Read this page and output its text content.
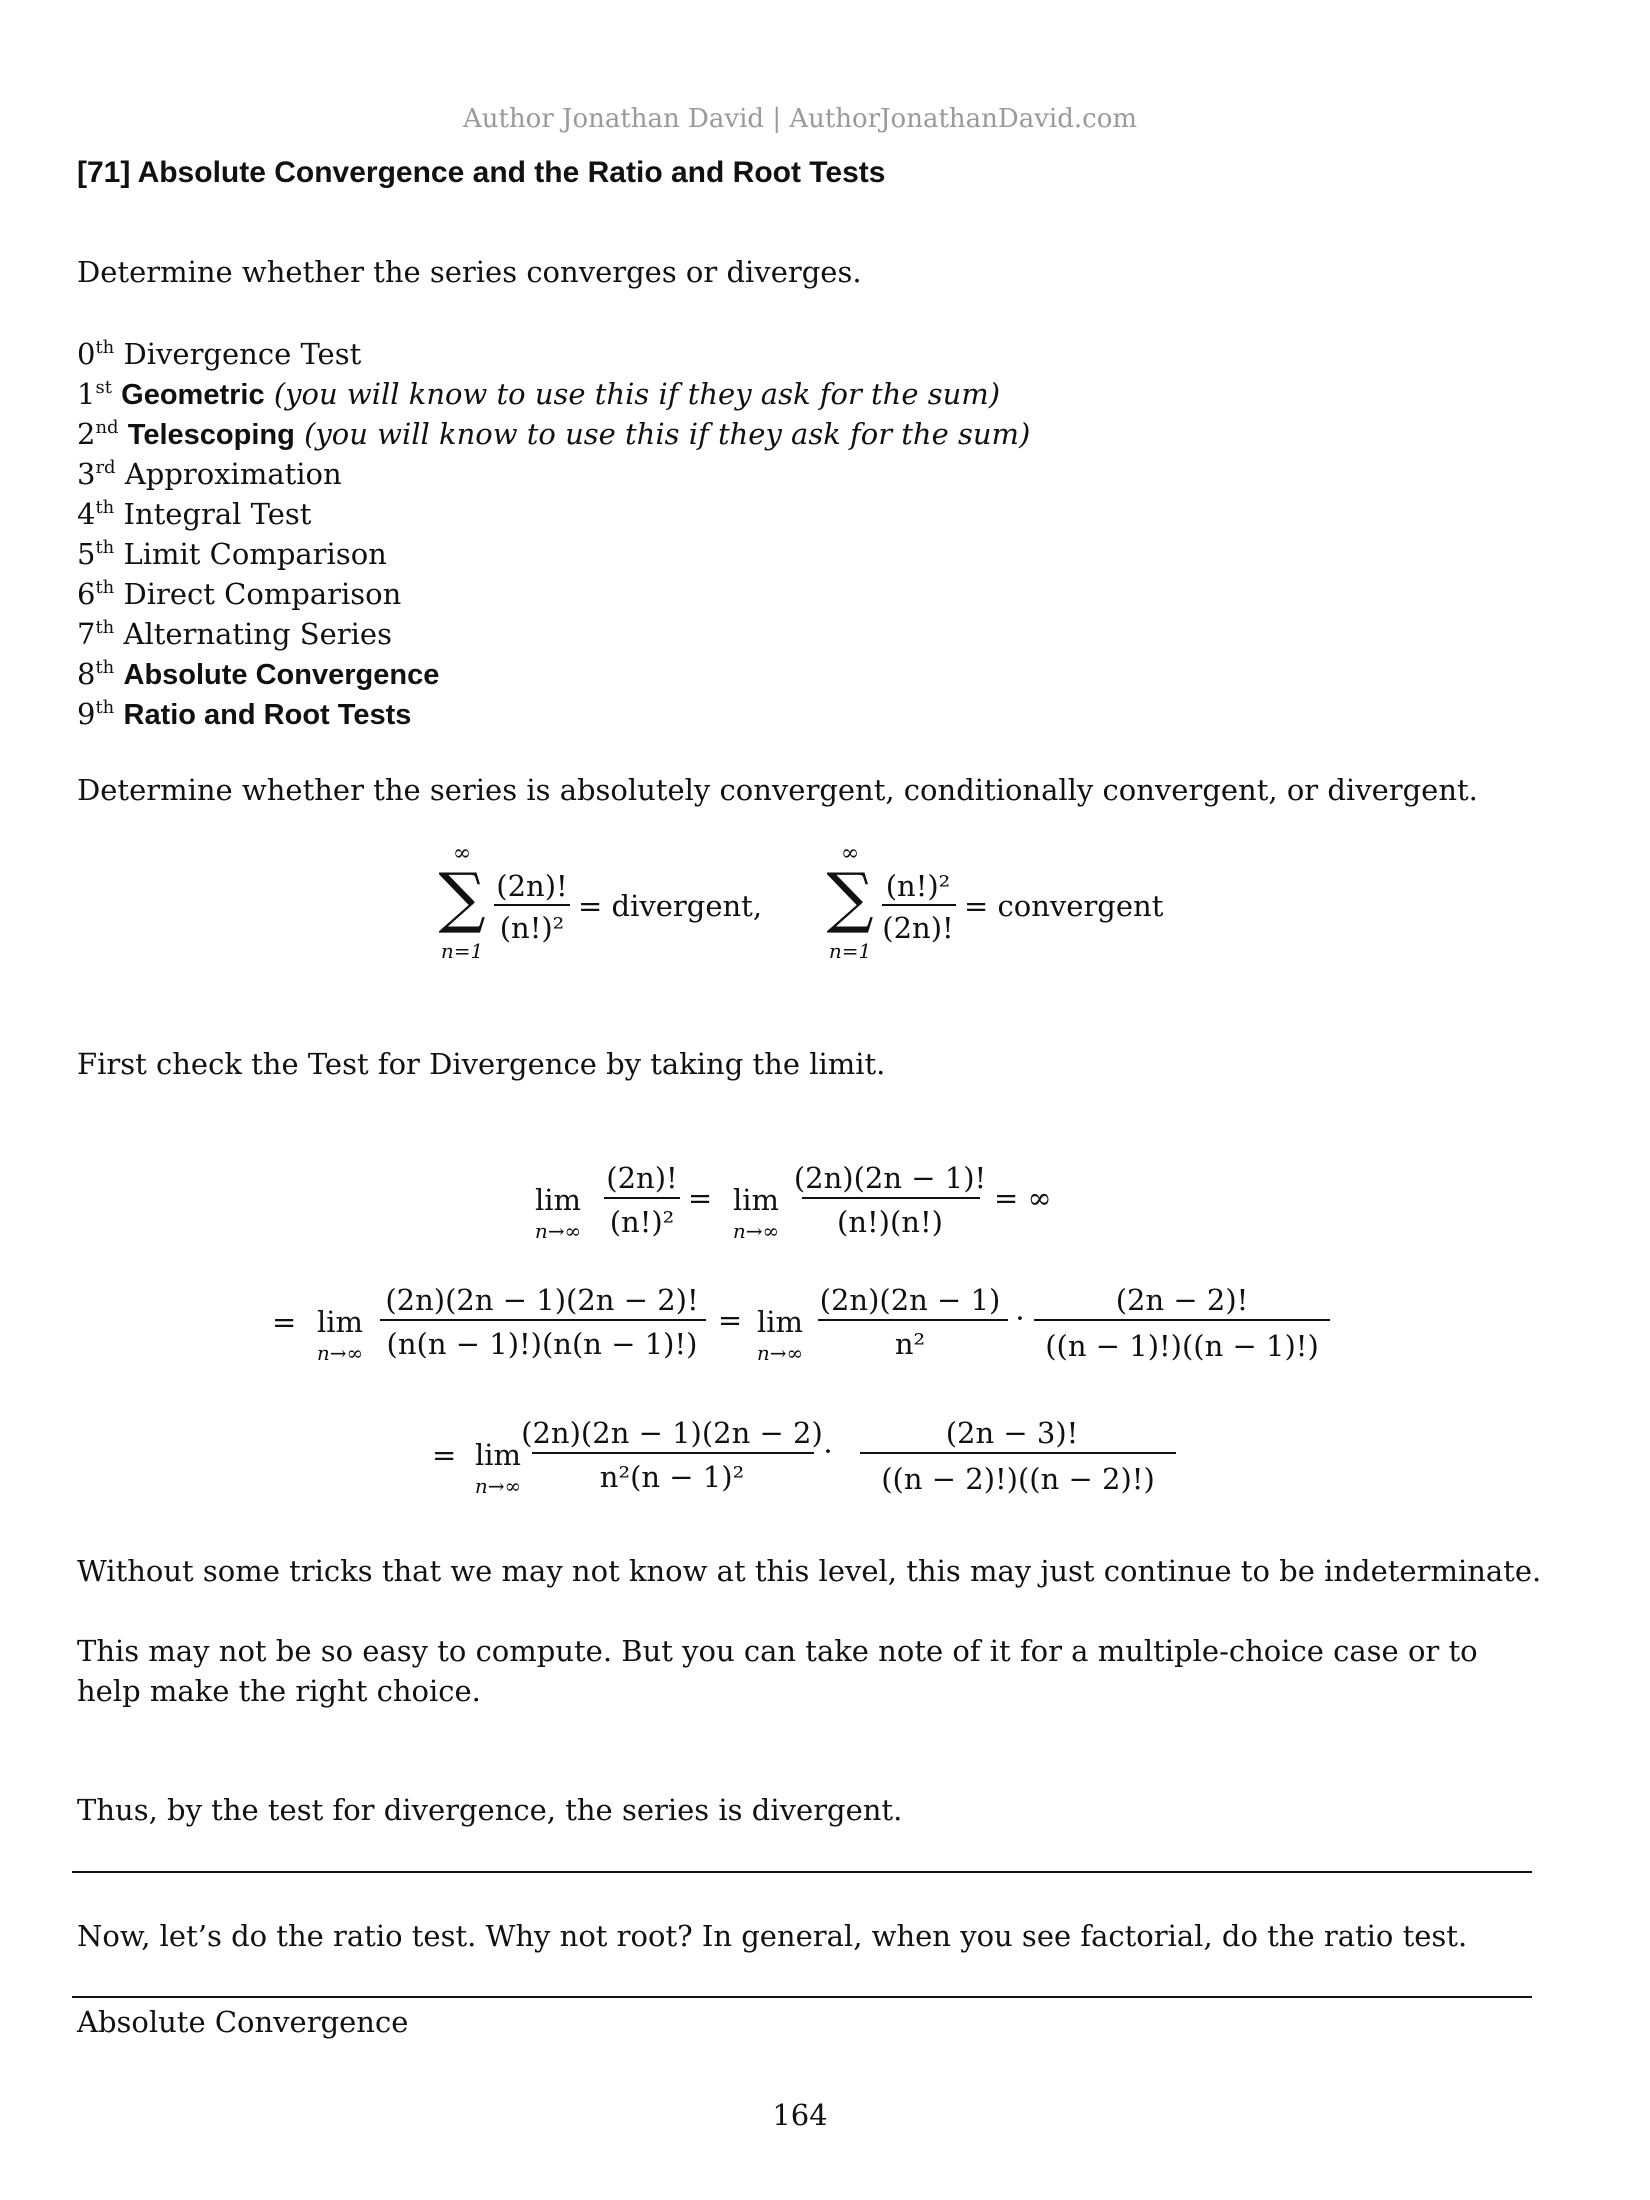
Author Jonathan David | AuthorJonathanDavid.com
[71] Absolute Convergence and the Ratio and Root Tests
Determine whether the series converges or diverges.
0th Divergence Test
1st Geometric (you will know to use this if they ask for the sum)
2nd Telescoping (you will know to use this if they ask for the sum)
3rd Approximation
4th Integral Test
5th Limit Comparison
6th Direct Comparison
7th Alternating Series
8th Absolute Convergence
9th Ratio and Root Tests
Determine whether the series is absolutely convergent, conditionally convergent, or divergent.
∞
∑
n=1
(2n)!
(n!)²
= divergent,
∞
∑
n=1
(n!)²
(2n)!
= convergent
First check the Test for Divergence by taking the limit.
lim
n→∞
(2n)!
(n!)²
= lim
n→∞
(2n)(2n − 1)!
(n!)(n!)
= ∞
= lim
n→∞
(2n)(2n − 1)(2n − 2)!
(n(n − 1)!)(n(n − 1)!)
= lim
n→∞
(2n)(2n − 1)
n²
·
(2n − 2)!
((n − 1)!)((n − 1)!)
= lim
n→∞
(2n)(2n − 1)(2n − 2)
n²(n − 1)²
·
(2n − 3)!
((n − 2)!)((n − 2)!)
Without some tricks that we may not know at this level, this may just continue to be indeterminate.
This may not be so easy to compute. But you can take note of it for a multiple-choice case or to help make the right choice.
Thus, by the test for divergence, the series is divergent.
Now, let’s do the ratio test. Why not root? In general, when you see factorial, do the ratio test.
Absolute Convergence
164
